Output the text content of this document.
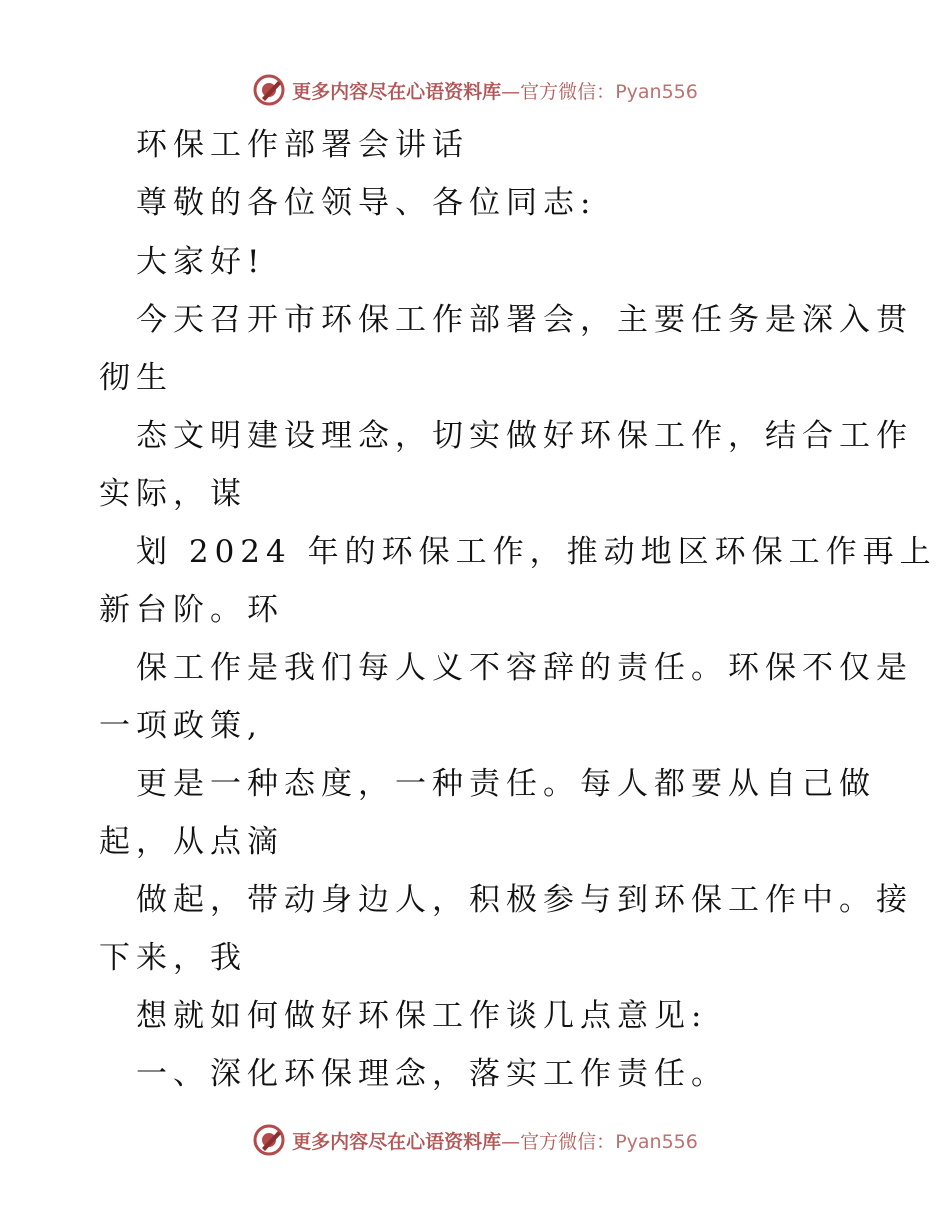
更多内容尽在心语资料库—官方微信：Pyan556
环保工作部署会讲话
尊敬的各位领导、各位同志:
大家好!
今天召开市环保工作部署会，主要任务是深入贯
彻生
态文明建设理念，切实做好环保工作，结合工作
实际，谋
划 2024 年的环保工作，推动地区环保工作再上
新台阶。环
保工作是我们每人义不容辞的责任。环保不仅是
一项政策,
更是一种态度，一种责任。每人都要从自己做
起，从点滴
做起，带动身边人，积极参与到环保工作中。接
下来，我
想就如何做好环保工作谈几点意见:
一、深化环保理念，落实工作责任。
更多内容尽在心语资料库—官方微信：Pyan556
